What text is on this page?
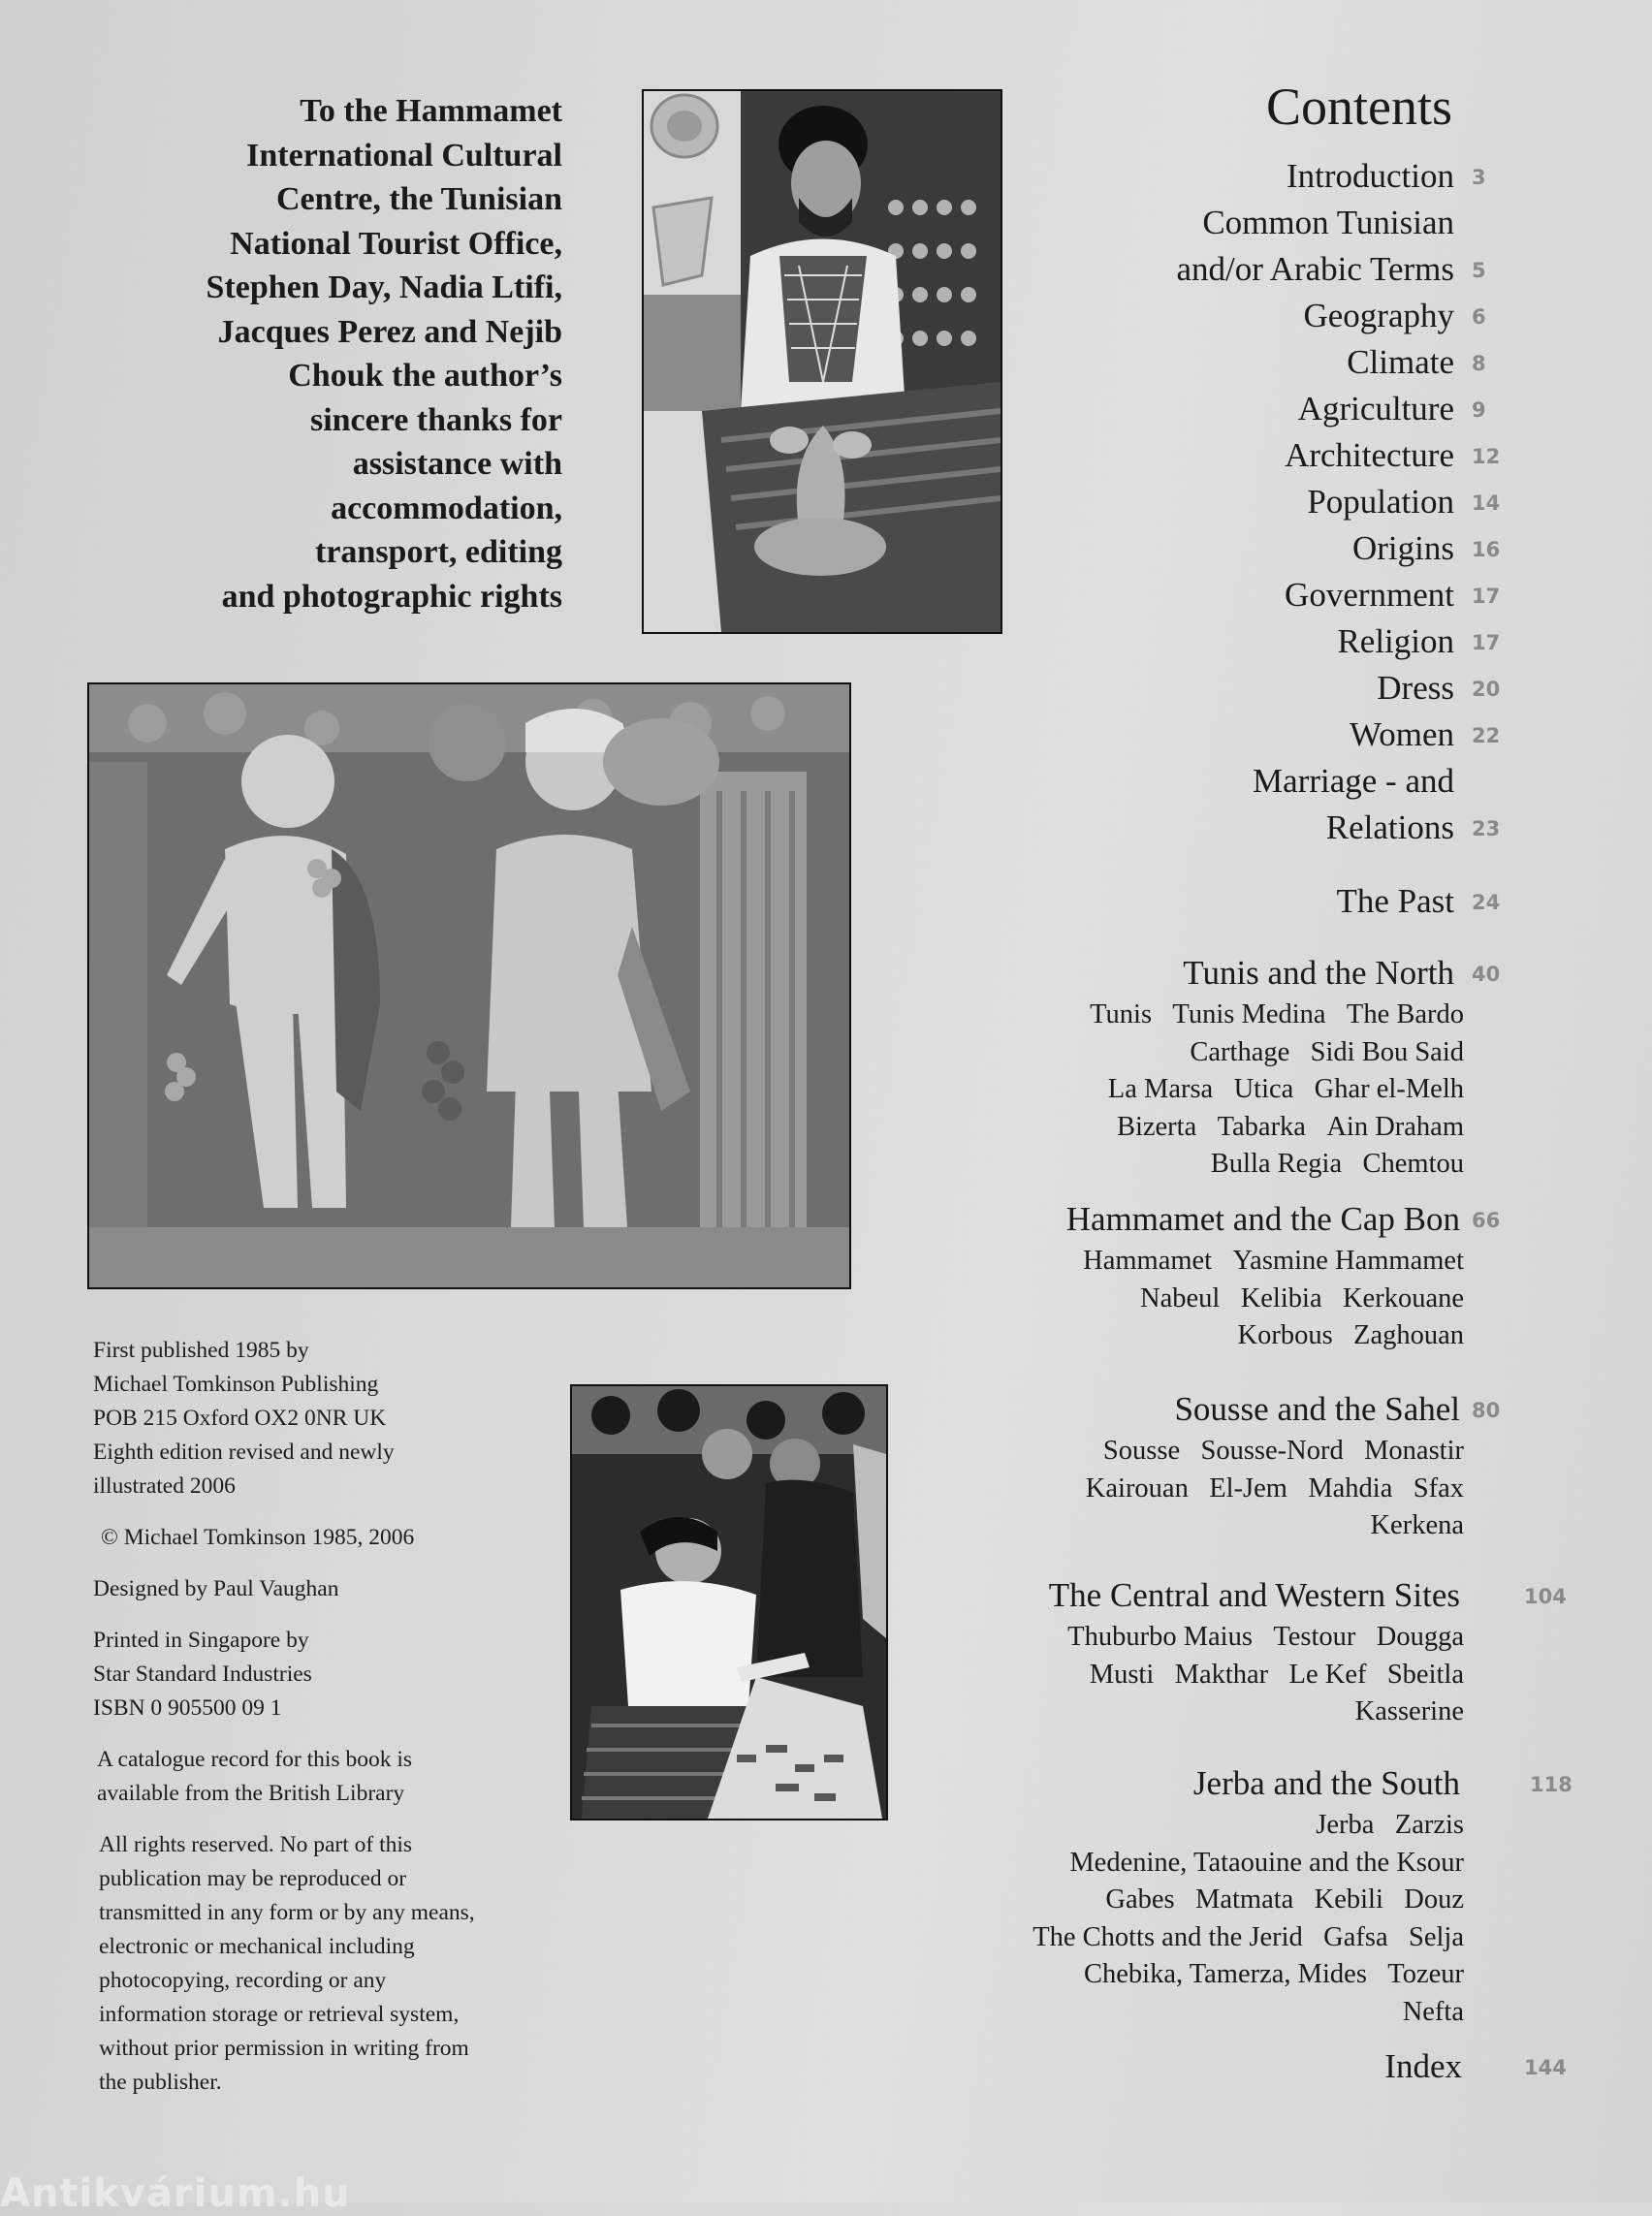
To the Hammamet
International Cultural
Centre, the Tunisian
National Tourist Office,
Stephen Day, Nadia Ltifi,
Jacques Perez and Nejib
Chouk the author’s
sincere thanks for
assistance with
accommodation,
transport, editing
and photographic rights

First published 1985 by

Michael Tomkinson Publishing

POB 215 Oxford OX2 0NR UK

Eighth edition revised and newly

illustrated 2006

© Michael Tomkinson 1985, 2006

Designed by Paul Vaughan

Printed in Singapore by

Star Standard Industries

ISBN 0 905500 09 1

A catalogue record for this book is

available from the British Library

All rights reserved. No part of this

publication may be reproduced or

transmitted in any form or by any means,

electronic or mechanical including

photocopying, recording or any

information storage or retrieval system,

without prior permission in writing from

the publisher.

Contents
Introduction 3
Common Tunisian
and/or Arabic Terms 5
Geography 6
Climate 8
Agriculture 9
Architecture 12
Population 14
Origins 16
Government 17
Religion 17
Dress 20
Women 22
Marriage - and
Relations 23
The Past 24
Tunis and the North 40
Tunis   Tunis Medina   The Bardo
Carthage   Sidi Bou Said
La Marsa   Utica   Ghar el-Melh
Bizerta   Tabarka   Ain Draham
Bulla Regia   Chemtou
Hammamet and the Cap Bon 66
Hammamet   Yasmine Hammamet
Nabeul   Kelibia   Kerkouane
Korbous   Zaghouan
Sousse and the Sahel 80
Sousse   Sousse-Nord   Monastir
Kairouan   El-Jem   Mahdia   Sfax
Kerkena
The Central and Western Sites	104
Thuburbo Maius   Testour   Dougga
Musti   Makthar   Le Kef   Sbeitla
Kasserine
Jerba and the South	118
Jerba   Zarzis
Medenine, Tataouine and the Ksour
Gabes   Matmata   Kebili   Douz
The Chotts and the Jerid   Gafsa   Selja
Chebika, Tamerza, Mides   Tozeur
Nefta
Index	144
Antikvárium.hu
